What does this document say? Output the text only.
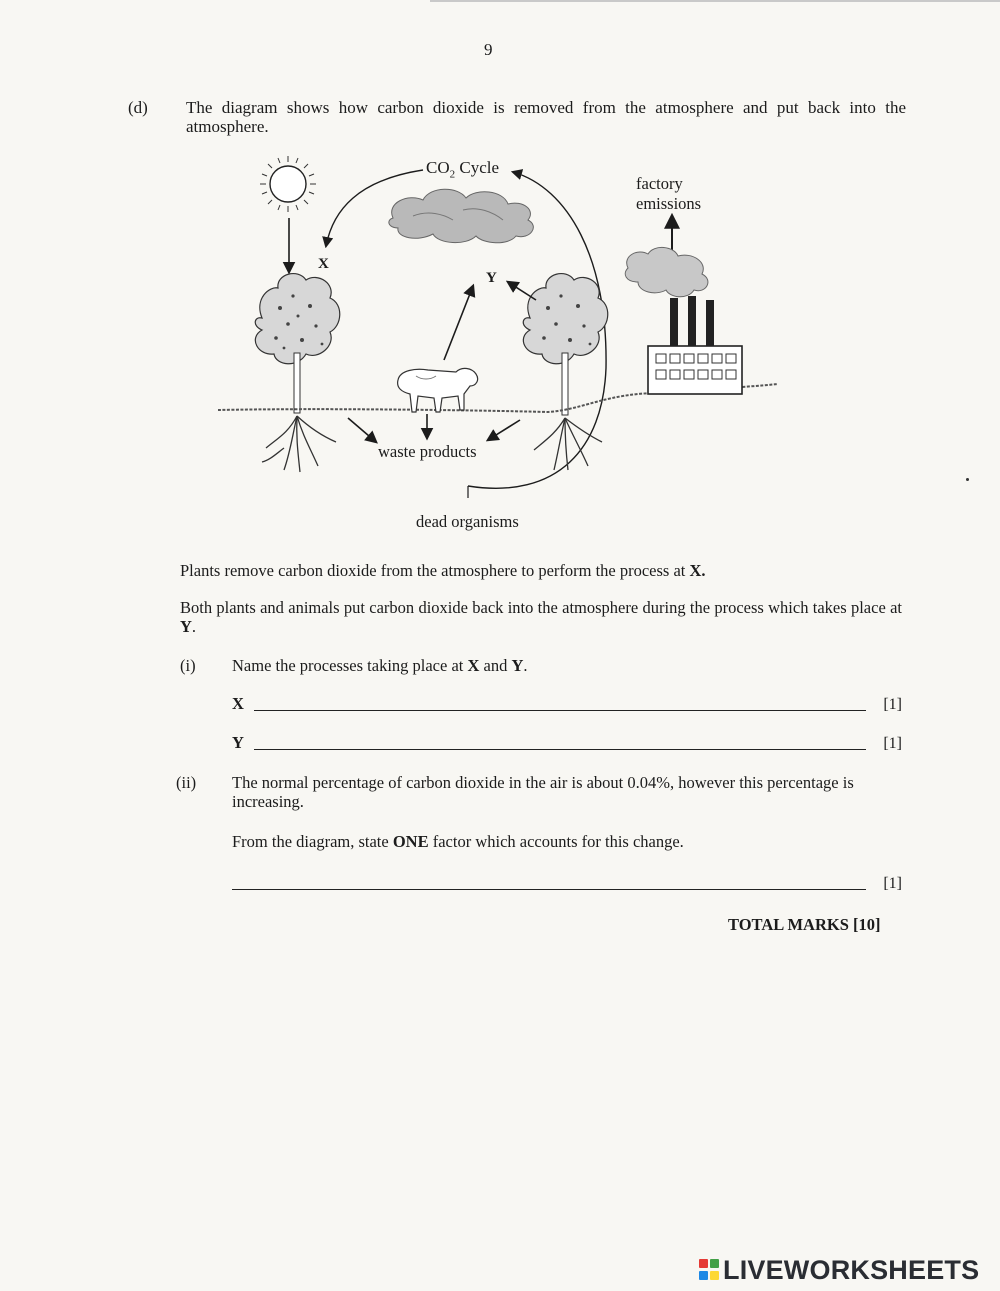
9
(d) The diagram shows how carbon dioxide is removed from the atmosphere and put back into the atmosphere.
$CO_2$ Cycle
X
Y
factory
emissions
waste products
dead organisms
Plants remove carbon dioxide from the atmosphere to perform the process at X.
Both plants and animals put carbon dioxide back into the atmosphere during the process which takes place at Y.
(i) Name the processes taking place at X and Y.
X	[1]
Y	[1]
(ii) The normal percentage of carbon dioxide in the air is about 0.04%, however this percentage is increasing.
From the diagram, state ONE factor which accounts for this change.
[1]
TOTAL MARKS [10]
LIVEWORKSHEETS
